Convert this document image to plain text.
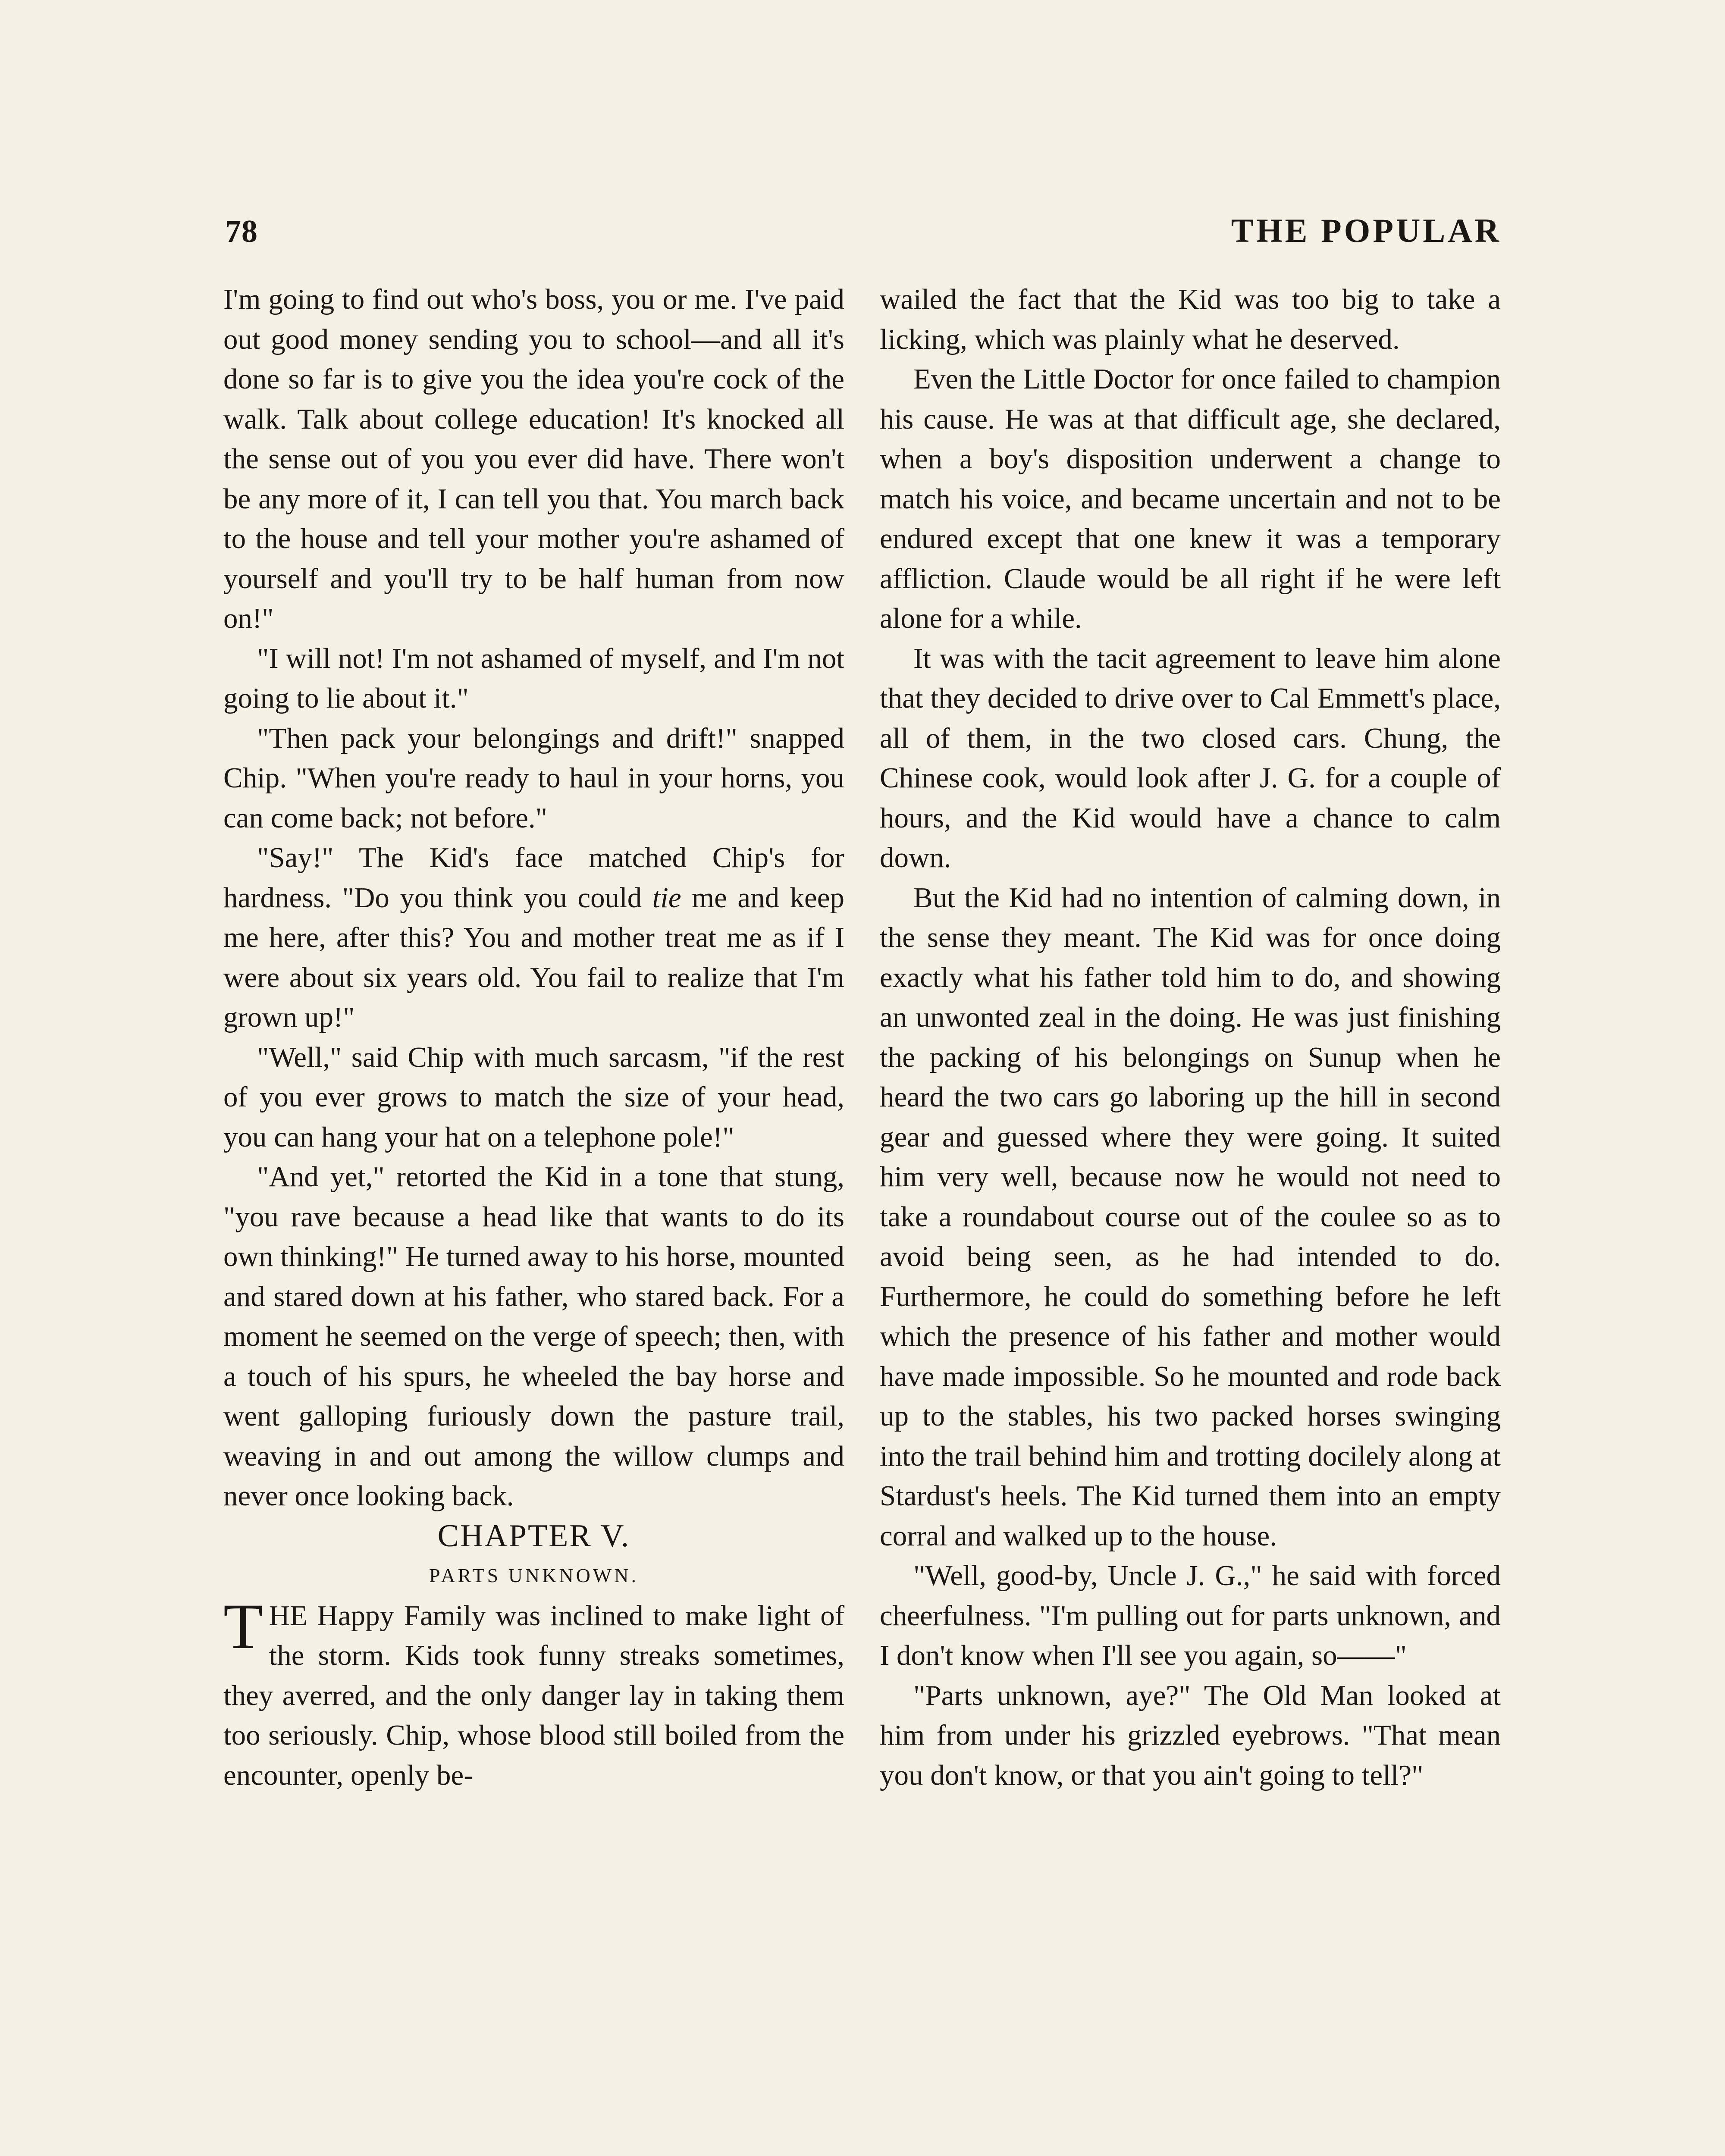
78	THE POPULAR

I'm going to find out who's boss, you or me. I've paid out good money sending you to school—and all it's done so far is to give you the idea you're cock of the walk. Talk about college education! It's knocked all the sense out of you you ever did have. There won't be any more of it, I can tell you that. You march back to the house and tell your mother you're ashamed of yourself and you'll try to be half human from now on!"

"I will not! I'm not ashamed of myself, and I'm not going to lie about it."

"Then pack your belongings and drift!" snapped Chip. "When you're ready to haul in your horns, you can come back; not before."

"Say!" The Kid's face matched Chip's for hardness. "Do you think you could tie me and keep me here, after this? You and mother treat me as if I were about six years old. You fail to realize that I'm grown up!"

"Well," said Chip with much sarcasm, "if the rest of you ever grows to match the size of your head, you can hang your hat on a telephone pole!"

"And yet," retorted the Kid in a tone that stung, "you rave because a head like that wants to do its own thinking!" He turned away to his horse, mounted and stared down at his father, who stared back. For a moment he seemed on the verge of speech; then, with a touch of his spurs, he wheeled the bay horse and went galloping furiously down the pasture trail, weaving in and out among the willow clumps and never once looking back.

CHAPTER V.

PARTS UNKNOWN.

THE Happy Family was inclined to make light of the storm. Kids took funny streaks sometimes, they averred, and the only danger lay in taking them too seriously. Chip, whose blood still boiled from the encounter, openly be-

wailed the fact that the Kid was too big to take a licking, which was plainly what he deserved.

Even the Little Doctor for once failed to champion his cause. He was at that difficult age, she declared, when a boy's disposition underwent a change to match his voice, and became uncertain and not to be endured except that one knew it was a temporary affliction. Claude would be all right if he were left alone for a while.

It was with the tacit agreement to leave him alone that they decided to drive over to Cal Emmett's place, all of them, in the two closed cars. Chung, the Chinese cook, would look after J. G. for a couple of hours, and the Kid would have a chance to calm down.

But the Kid had no intention of calming down, in the sense they meant. The Kid was for once doing exactly what his father told him to do, and showing an unwonted zeal in the doing. He was just finishing the packing of his belongings on Sunup when he heard the two cars go laboring up the hill in second gear and guessed where they were going. It suited him very well, because now he would not need to take a roundabout course out of the coulee so as to avoid being seen, as he had intended to do. Furthermore, he could do something before he left which the presence of his father and mother would have made impossible. So he mounted and rode back up to the stables, his two packed horses swinging into the trail behind him and trotting docilely along at Stardust's heels. The Kid turned them into an empty corral and walked up to the house.

"Well, good-by, Uncle J. G.," he said with forced cheerfulness. "I'm pulling out for parts unknown, and I don't know when I'll see you again, so——"

"Parts unknown, aye?" The Old Man looked at him from under his grizzled eyebrows. "That mean you don't know, or that you ain't going to tell?"
